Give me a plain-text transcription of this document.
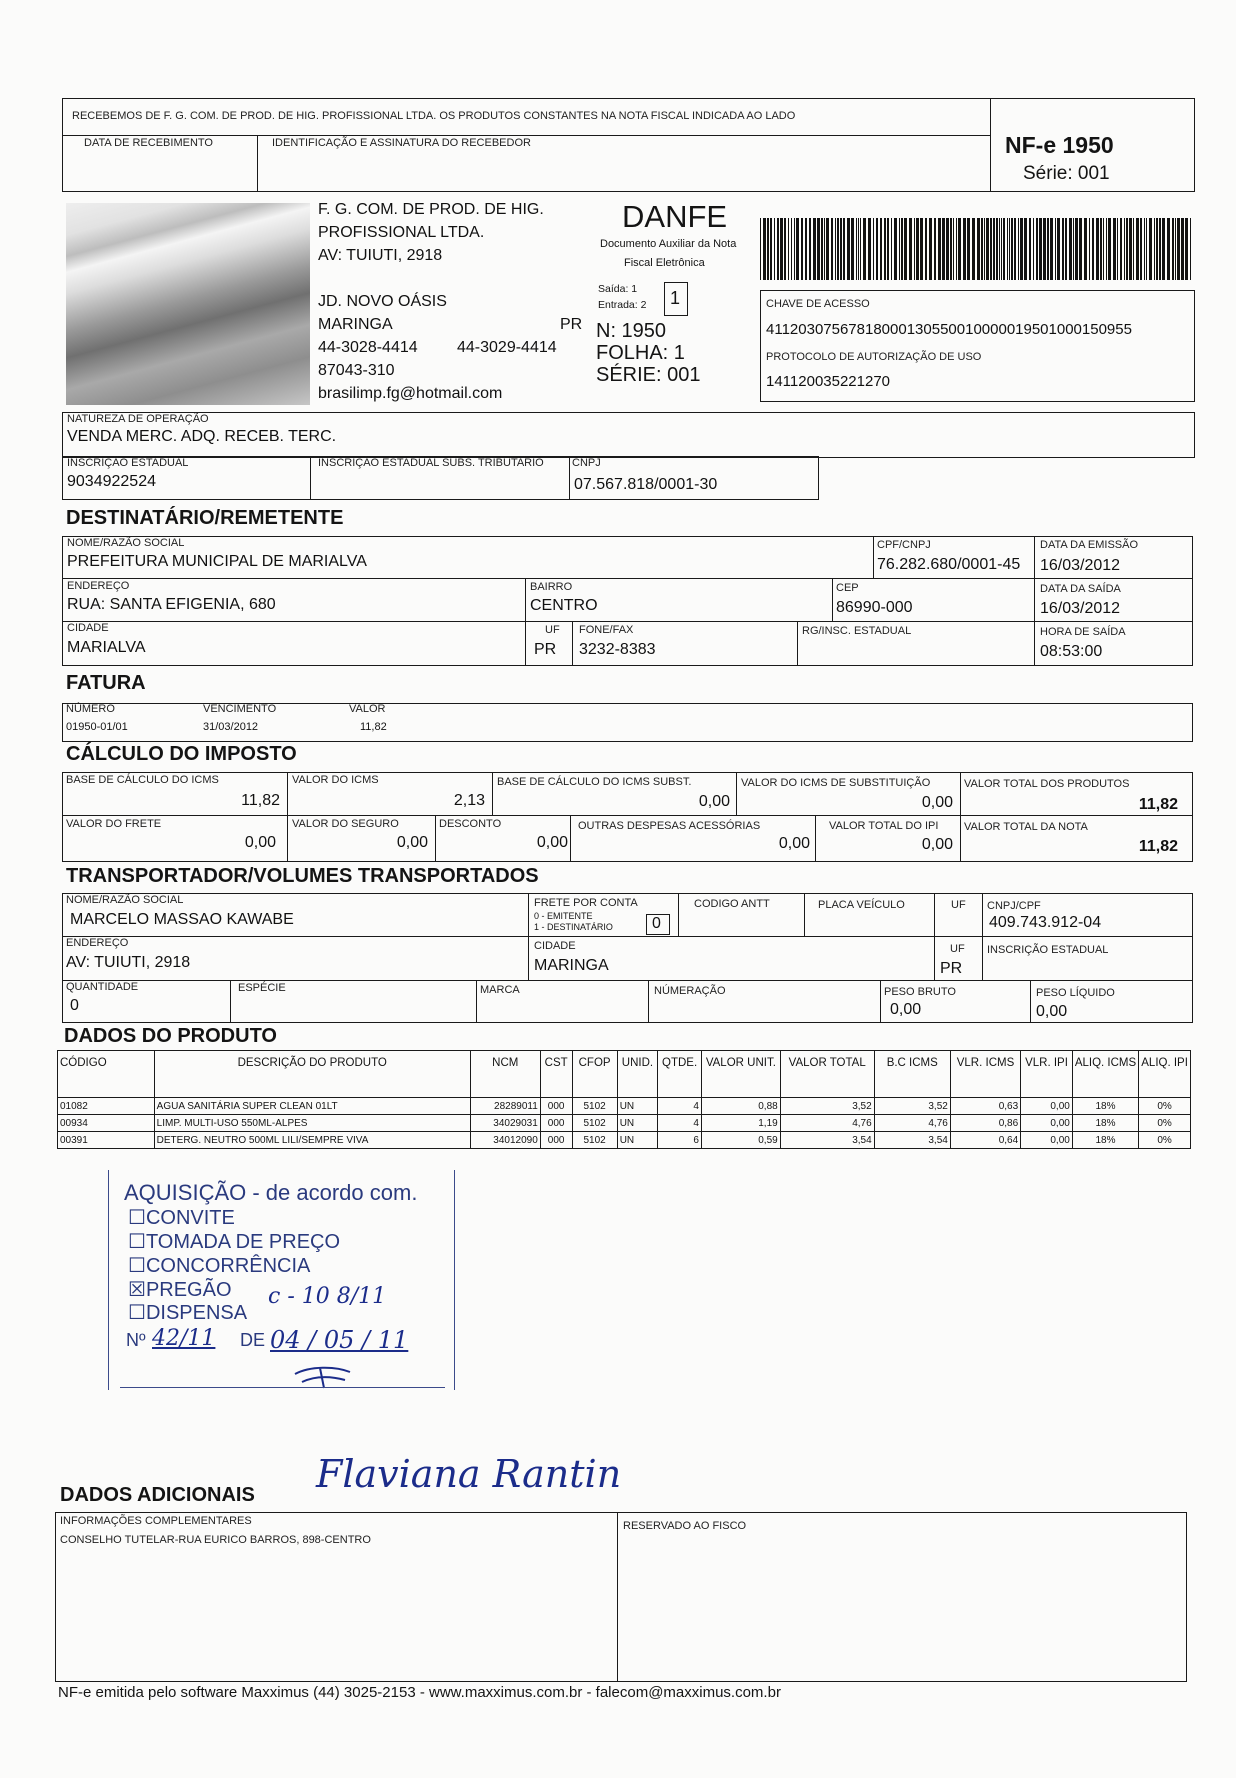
RECEBEMOS DE F. G. COM. DE PROD. DE HIG. PROFISSIONAL LTDA. OS PRODUTOS CONSTANTES NA NOTA FISCAL INDICADA AO LADO
DATA DE RECEBIMENTO	IDENTIFICAÇÃO E ASSINATURA DO RECEBEDOR	NF-e 1950
Série: 001
F. G. COM. DE PROD. DE HIG.
PROFISSIONAL LTDA.
AV: TUIUTI, 2918
JD. NOVO OÁSIS
MARINGA	PR
44-3028-4414 44-3029-4414
87043-310
brasilimp.fg@hotmail.com
DANFE
Documento Auxiliar da Nota
Fiscal Eletrônica
Saída: 1
Entrada: 2 1
N: 1950
FOLHA: 1
SÉRIE: 001
CHAVE DE ACESSO
41120307567818000130550010000019501000150955
PROTOCOLO DE AUTORIZAÇÃO DE USO
141120035221270
NATUREZA DE OPERAÇÃO
VENDA MERC. ADQ. RECEB. TERC.
INSCRIÇÃO ESTADUAL
9034922524
INSCRIÇÃO ESTADUAL SUBS. TRIBUTARIO	CNPJ
07.567.818/0001-30
DESTINATÁRIO/REMETENTE
NOME/RAZÃO SOCIAL
PREFEITURA MUNICIPAL DE MARIALVA
CPF/CNPJ
76.282.680/0001-45
DATA DA EMISSÃO
16/03/2012
ENDEREÇO
RUA: SANTA EFIGENIA, 680
BAIRRO
CENTRO
CEP
86990-000
DATA DA SAÍDA
16/03/2012
CIDADE
MARIALVA
UF
PR
FONE/FAX
3232-8383
RG/INSC. ESTADUAL	HORA DE SAÍDA
08:53:00
FATURA
NÚMERO	VENCIMENTO	VALOR
01950-01/01	31/03/2012	11,82
CÁLCULO DO IMPOSTO
BASE DE CÁLCULO DO ICMS
11,82
VALOR DO ICMS
2,13
BASE DE CÁLCULO DO ICMS SUBST.
0,00
VALOR DO ICMS DE SUBSTITUIÇÃO
0,00
VALOR TOTAL DOS PRODUTOS
11,82
VALOR DO FRETE
0,00
VALOR DO SEGURO
0,00
DESCONTO
0,00
OUTRAS DESPESAS ACESSÓRIAS
0,00
VALOR TOTAL DO IPI
0,00
VALOR TOTAL DA NOTA
11,82
TRANSPORTADOR/VOLUMES TRANSPORTADOS
NOME/RAZÃO SOCIAL
MARCELO MASSAO KAWABE
FRETE POR CONTA
0 - EMITENTE
1 - DESTINATÁRIO 0
CODIGO ANTT	PLACA VEÍCULO	UF CNPJ/CPF
409.743.912-04
ENDEREÇO
AV: TUIUTI, 2918
CIDADE
MARINGA
UF
PR
INSCRIÇÃO ESTADUAL
QUANTIDADE
0
ESPÉCIE	MARCA	NÚMERAÇÃO	PESO BRUTO
0,00
PESO LÍQUIDO
0,00
DADOS DO PRODUTO
CÓDIGO	DESCRIÇÃO DO PRODUTO	NCM	CST	CFOP	UNID.	QTDE.	VALOR UNIT.	VALOR TOTAL	B.C ICMS	VLR. ICMS	VLR. IPI	ALIQ. ICMS	ALIQ. IPI
01082	AGUA SANITÁRIA SUPER CLEAN 01LT	28289011	000	5102	UN	4	0,88	3,52	3,52	0,63	0,00	18%	0%
00934	LIMP. MULTI-USO 550ML-ALPES	34029031	000	5102	UN	4	1,19	4,76	4,76	0,86	0,00	18%	0%
00391	DETERG. NEUTRO 500ML LILI/SEMPRE VIVA	34012090	000	5102	UN	6	0,59	3,54	3,54	0,64	0,00	18%	0%
AQUISIÇÃO - de acordo com.
☐CONVITE
☐TOMADA DE PREÇO
☐CONCORRÊNCIA
☒PREGÃO
☐DISPENSA
c - 10 8/11
Nº 42/11 DE 04 / 05 / 11
DADOS ADICIONAIS Flaviana Rantin
INFORMAÇÕES COMPLEMENTARES
CONSELHO TUTELAR-RUA EURICO BARROS, 898-CENTRO
RESERVADO AO FISCO
NF-e emitida pelo software Maxximus (44) 3025-2153 - www.maxximus.com.br - falecom@maxximus.com.br
